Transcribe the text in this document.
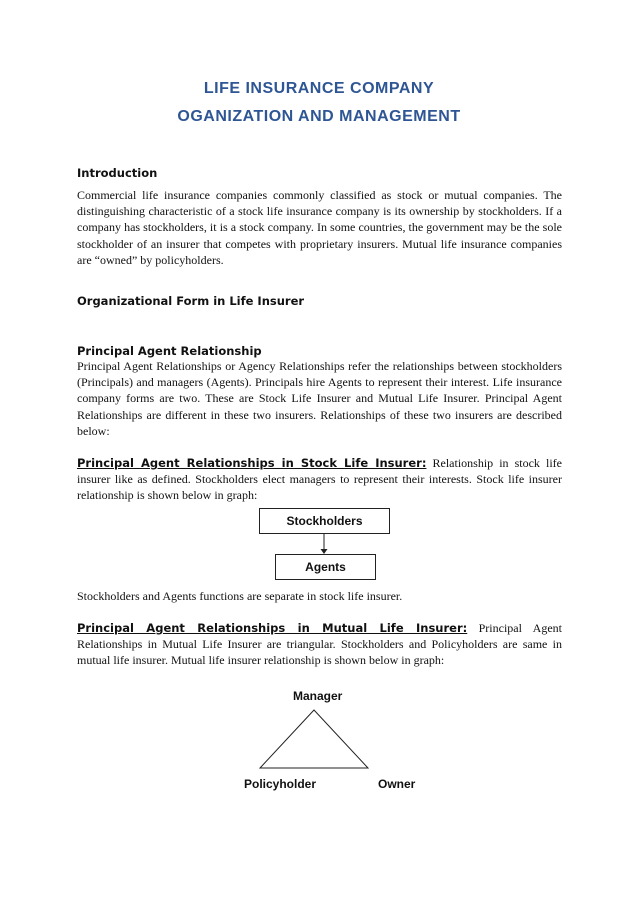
LIFE INSURANCE COMPANY
OGANIZATION AND MANAGEMENT
Introduction

Commercial life insurance companies commonly classified as stock or mutual companies. The distinguishing characteristic of a stock life insurance company is its ownership by stockholders. If a company has stockholders, it is a stock company. In some countries, the government may be the sole stockholder of an insurer that competes with proprietary insurers. Mutual life insurance companies are “owned” by policyholders.

Organizational Form in Life Insurer
Principal Agent Relationship

Principal Agent Relationships or Agency Relationships refer the relationships between stockholders (Principals) and managers (Agents). Principals hire Agents to represent their interest. Life insurance company forms are two. These are Stock Life Insurer and Mutual Life Insurer. Principal Agent Relationships are different in these two insurers. Relationships of these two insurers are described below:

Principal Agent Relationships in Stock Life Insurer: Relationship in stock life insurer like as defined. Stockholders elect managers to represent their interests. Stock life insurer relationship is shown below in graph:

Stockholders
Agents

Stockholders and Agents functions are separate in stock life insurer.

Principal Agent Relationships in Mutual Life Insurer: Principal Agent Relationships in Mutual Life Insurer are triangular. Stockholders and Policyholders are same in mutual life insurer. Mutual life insurer relationship is shown below in graph:

Manager
Policyholder	Owner
